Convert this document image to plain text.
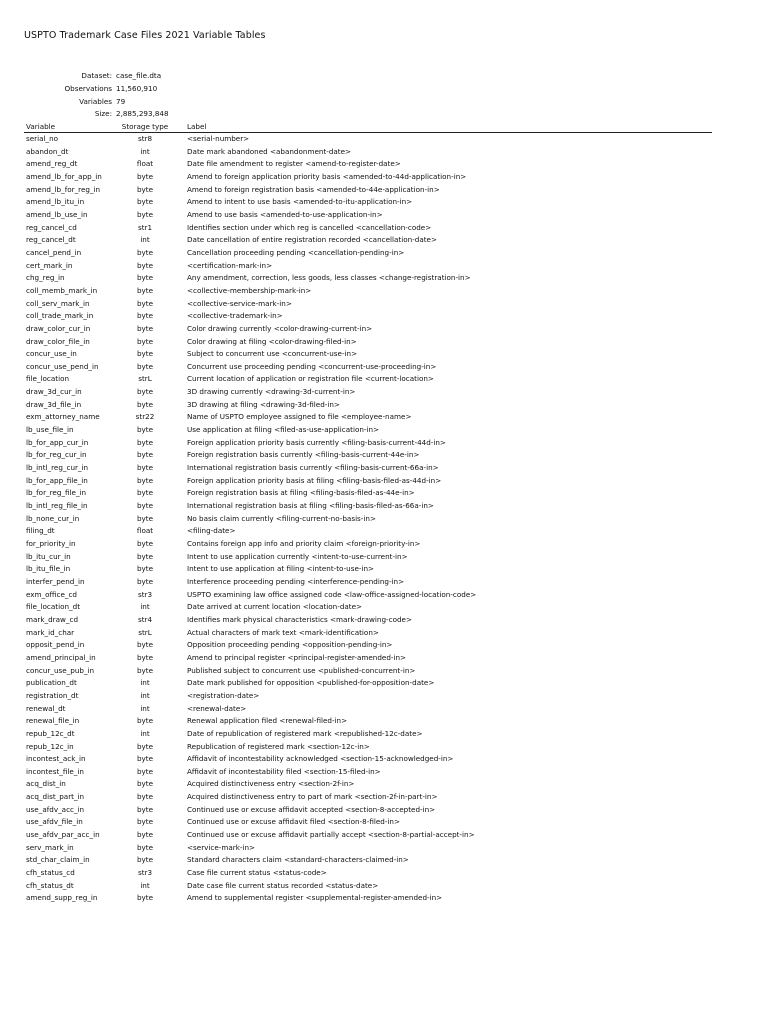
USPTO Trademark Case Files 2021 Variable Tables
Dataset: case_file.dta
Observations 11,560,910
Variables 79
Size: 2,885,293,848
Variable	Storage type	Label
serial_no	str8	<serial-number>
abandon_dt	int	Date mark abandoned <abandonment-date>
amend_reg_dt	float	Date file amendment to register <amend-to-register-date>
amend_lb_for_app_in	byte	Amend to foreign application priority basis <amended-to-44d-application-in>
amend_lb_for_reg_in	byte	Amend to foreign registration basis <amended-to-44e-application-in>
amend_lb_itu_in	byte	Amend to intent to use basis <amended-to-itu-application-in>
amend_lb_use_in	byte	Amend to use basis <amended-to-use-application-in>
reg_cancel_cd	str1	Identifies section under which reg is cancelled <cancellation-code>
reg_cancel_dt	int	Date cancellation of entire registration recorded <cancellation-date>
cancel_pend_in	byte	Cancellation proceeding pending <cancellation-pending-in>
cert_mark_in	byte	<certification-mark-in>
chg_reg_in	byte	Any amendment, correction, less goods, less classes <change-registration-in>
coll_memb_mark_in	byte	<collective-membership-mark-in>
coll_serv_mark_in	byte	<collective-service-mark-in>
coll_trade_mark_in	byte	<collective-trademark-in>
draw_color_cur_in	byte	Color drawing currently <color-drawing-current-in>
draw_color_file_in	byte	Color drawing at filing <color-drawing-filed-in>
concur_use_in	byte	Subject to concurrent use <concurrent-use-in>
concur_use_pend_in	byte	Concurrent use proceeding pending <concurrent-use-proceeding-in>
file_location	strL	Current location of application or registration file <current-location>
draw_3d_cur_in	byte	3D drawing currently <drawing-3d-current-in>
draw_3d_file_in	byte	3D drawing at filing <drawing-3d-filed-in>
exm_attorney_name	str22	Name of USPTO employee assigned to file <employee-name>
lb_use_file_in	byte	Use application at filing <filed-as-use-application-in>
lb_for_app_cur_in	byte	Foreign application priority basis currently <filing-basis-current-44d-in>
lb_for_reg_cur_in	byte	Foreign registration basis currently <filing-basis-current-44e-in>
lb_intl_reg_cur_in	byte	International registration basis currently <filing-basis-current-66a-in>
lb_for_app_file_in	byte	Foreign application priority basis at filing <filing-basis-filed-as-44d-in>
lb_for_reg_file_in	byte	Foreign registration basis at filing <filing-basis-filed-as-44e-in>
lb_intl_reg_file_in	byte	International registration basis at filing <filing-basis-filed-as-66a-in>
lb_none_cur_in	byte	No basis claim currently <filing-current-no-basis-in>
filing_dt	float	<filing-date>
for_priority_in	byte	Contains foreign app info and priority claim <foreign-priority-in>
lb_itu_cur_in	byte	Intent to use application currently <intent-to-use-current-in>
lb_itu_file_in	byte	Intent to use application at filing <intent-to-use-in>
interfer_pend_in	byte	Interference proceeding pending <interference-pending-in>
exm_office_cd	str3	USPTO examining law office assigned code <law-office-assigned-location-code>
file_location_dt	int	Date arrived at current location <location-date>
mark_draw_cd	str4	Identifies mark physical characteristics <mark-drawing-code>
mark_id_char	strL	Actual characters of mark text <mark-identification>
opposit_pend_in	byte	Opposition proceeding pending <opposition-pending-in>
amend_principal_in	byte	Amend to principal register <principal-register-amended-in>
concur_use_pub_in	byte	Published subject to concurrent use <published-concurrent-in>
publication_dt	int	Date mark published for opposition <published-for-opposition-date>
registration_dt	int	<registration-date>
renewal_dt	int	<renewal-date>
renewal_file_in	byte	Renewal application filed <renewal-filed-in>
repub_12c_dt	int	Date of republication of registered mark <republished-12c-date>
repub_12c_in	byte	Republication of registered mark <section-12c-in>
incontest_ack_in	byte	Affidavit of incontestability acknowledged <section-15-acknowledged-in>
incontest_file_in	byte	Affidavit of incontestability filed <section-15-filed-in>
acq_dist_in	byte	Acquired distinctiveness entry <section-2f-in>
acq_dist_part_in	byte	Acquired distinctiveness entry to part of mark <section-2f-in-part-in>
use_afdv_acc_in	byte	Continued use or excuse affidavit accepted <section-8-accepted-in>
use_afdv_file_in	byte	Continued use or excuse affidavit filed <section-8-filed-in>
use_afdv_par_acc_in	byte	Continued use or excuse affidavit partially accept <section-8-partial-accept-in>
serv_mark_in	byte	<service-mark-in>
std_char_claim_in	byte	Standard characters claim <standard-characters-claimed-in>
cfh_status_cd	str3	Case file current status <status-code>
cfh_status_dt	int	Date case file current status recorded <status-date>
amend_supp_reg_in	byte	Amend to supplemental register <supplemental-register-amended-in>
